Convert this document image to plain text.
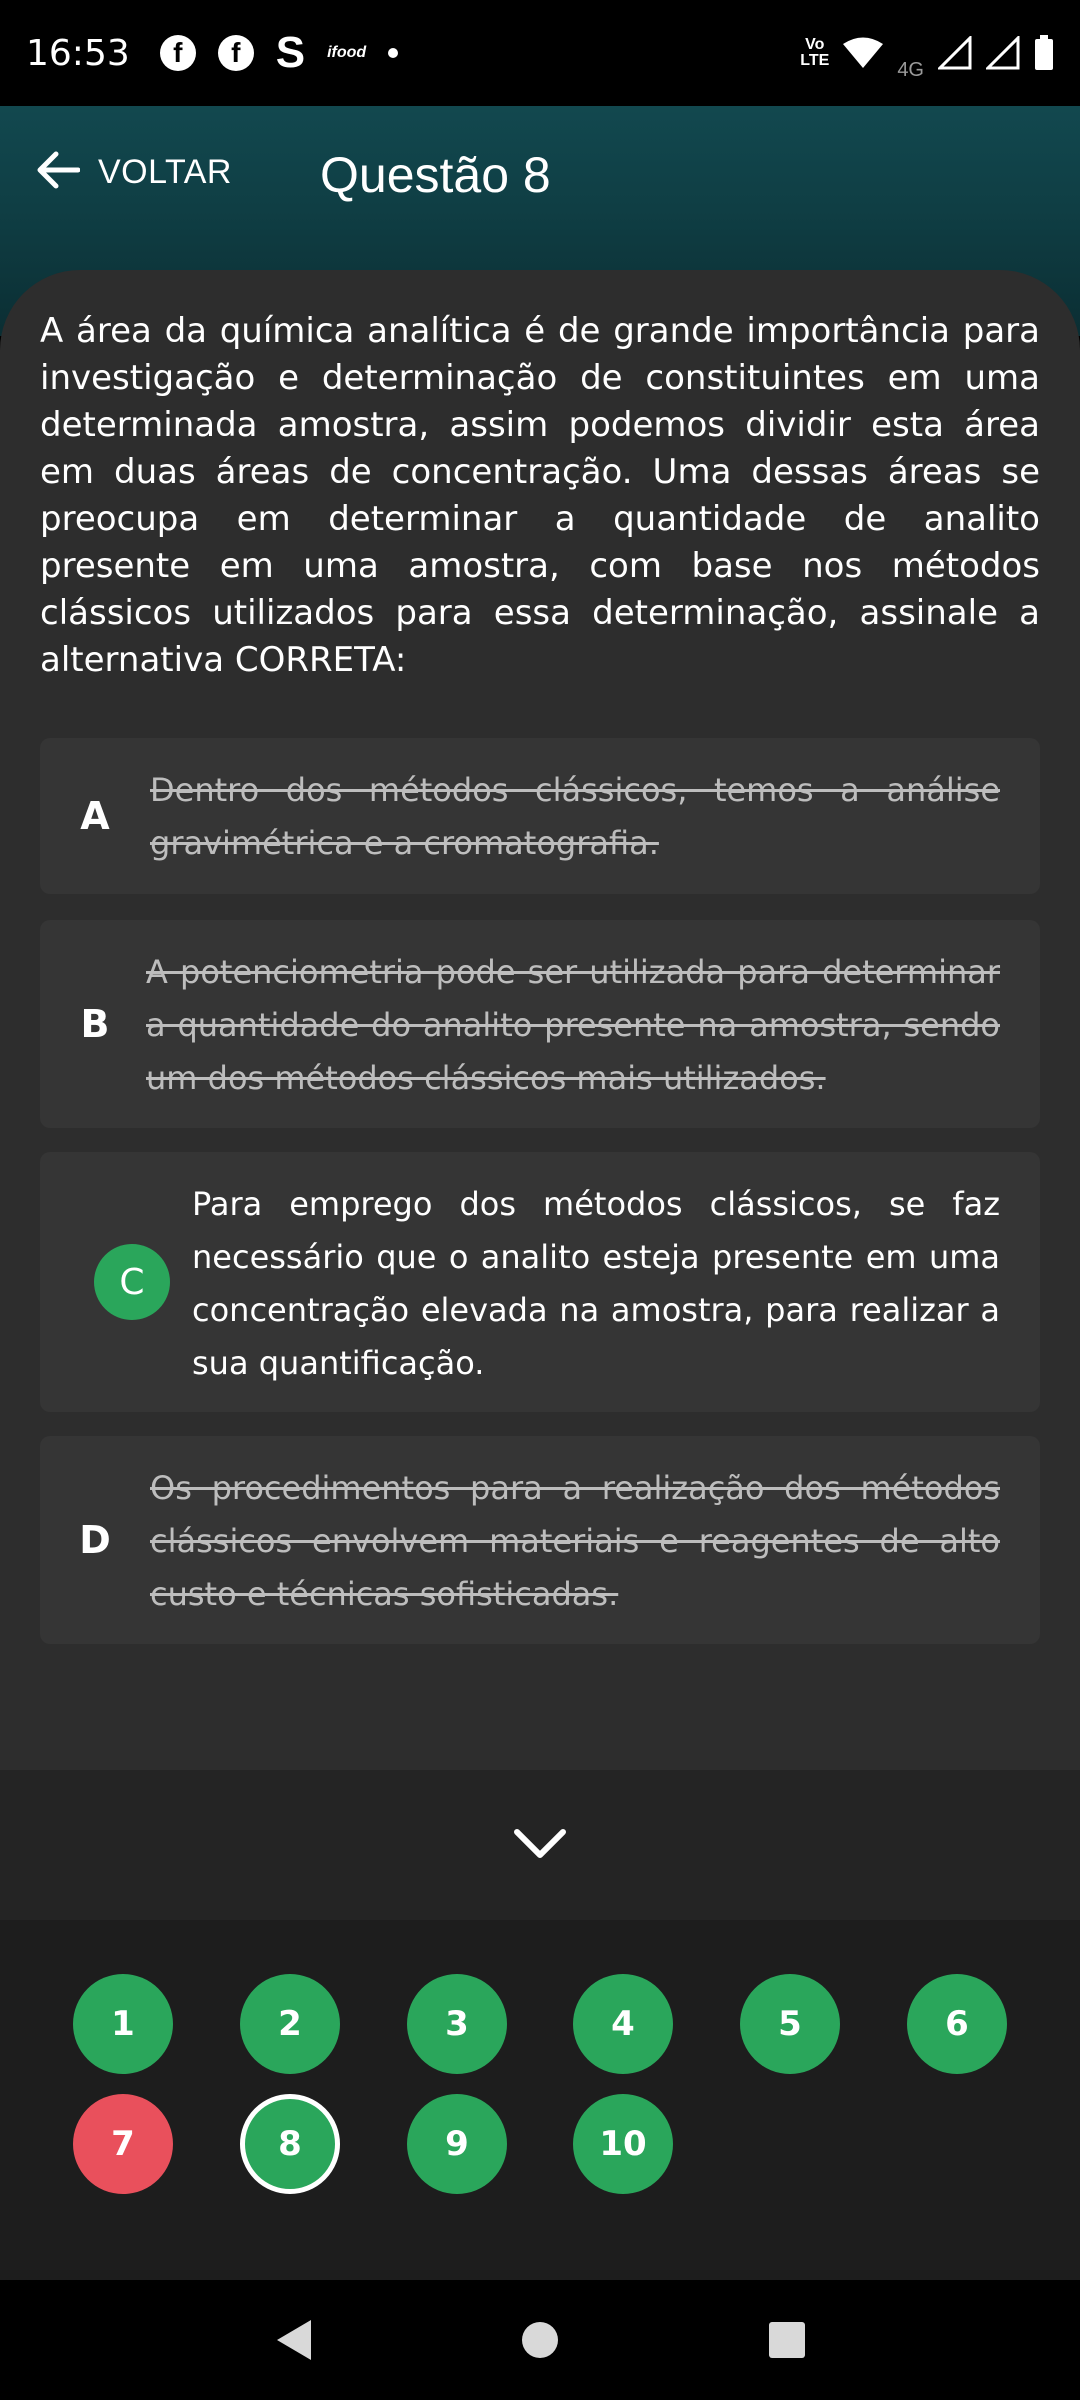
16:53	f	f S ifood	Vo
LTE	4G
VOLTAR Questão 8

A área da química analítica é de grande importância para investigação e determinação de constituintes em uma determinada amostra, assim podemos dividir esta área em duas áreas de concentração. Uma dessas áreas se preocupa em determinar a quantidade de analito presente em uma amostra, com base nos métodos clássicos utilizados para essa determinação, assinale a alternativa CORRETA:

A
Dentro dos métodos clássicos, temos a análise gravimétrica e a cromatografia.
B
A potenciometria pode ser utilizada para determinar a quantidade do analito presente na amostra, sendo um dos métodos clássicos mais utilizados.
C
Para emprego dos métodos clássicos, se faz necessário que o analito esteja presente em uma concentração elevada na amostra, para realizar a sua quantificação.
D
Os procedimentos para a realização dos métodos clássicos envolvem materiais e reagentes de alto custo e técnicas sofisticadas.
1	2	3	4	5	6
7	8	9	10
